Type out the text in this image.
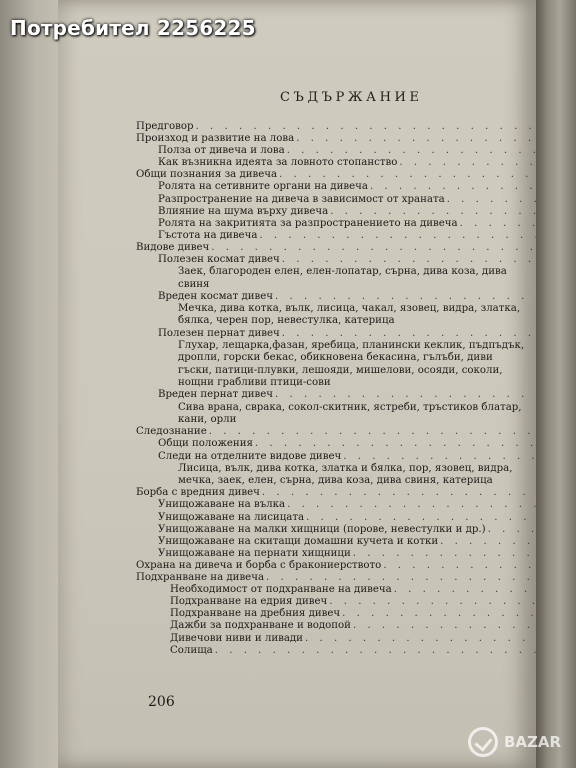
СЪДЪРЖАНИЕ
Предговор
. . .
Произход и развитие на лова
. . .
Полза от дивеча и лова
. . .
Как възникна идеята за ловното стопанство
. . .
Общи познания за дивеча
. . .
Ролята на сетивните органи на дивеча
. . .
Разпространение на дивеча в зависимост от храната
. . .
Влияние на шума върху дивеча
. . .
Ролята на закритията за разпространението на дивеча
. . .
Гъстота на дивеча
. . .
Видове дивеч
. . .
Полезен космат дивеч
. . .
Заек, благороден елен, елен-лопатар, сърна, дива коза, дива
свиня
Вреден космат дивеч
. . .
Мечка, дива котка, вълк, лисица, чакал, язовец, видра, златка,
бялка, черен пор, невестулка, катерица
Полезен пернат дивеч
. . .
Глухар, лещарка,фазан, яребица, планински кеклик, пъдпъдък,
дропли, горски бекас, обикновена бекасина, гълъби, диви
гъски, патици-плувки, лешояди, мишелови, осояди, соколи,
нощни грабливи птици-сови
Вреден пернат дивеч
. . .
Сива врана, сврака, сокол-скитник, ястреби, тръстиков блатар,
кани, орли
Следознание
. . .
Общи положения
. . .
Следи на отделните видове дивеч
. . .
Лисица, вълк, дива котка, златка и бялка, пор, язовец, видра,
мечка, заек, елен, сърна, дива коза, дива свиня, катерица
Борба с вредния дивеч
. . .
Унищожаване на вълка
. . .
Унищожаване на лисицата
. . .
Унищожаване на малки хищници (порове, невестулки и др.)
. . .
Унищожаване на скитащи домашни кучета и котки
. . .
Унищожаване на пернати хищници
. . .
Охрана на дивеча и борба с бракониерството
. . .
Подхранване на дивеча
. . .
Необходимост от подхранване на дивеча
. . .
Подхранване на едрия дивеч
. . .
Подхранване на дребния дивеч
. . .
Дажби за подхранване и водопой
. . .
Дивечови ниви и ливади
. . .
Солища
. . .
206
Потребител 2256225
BAZAR
